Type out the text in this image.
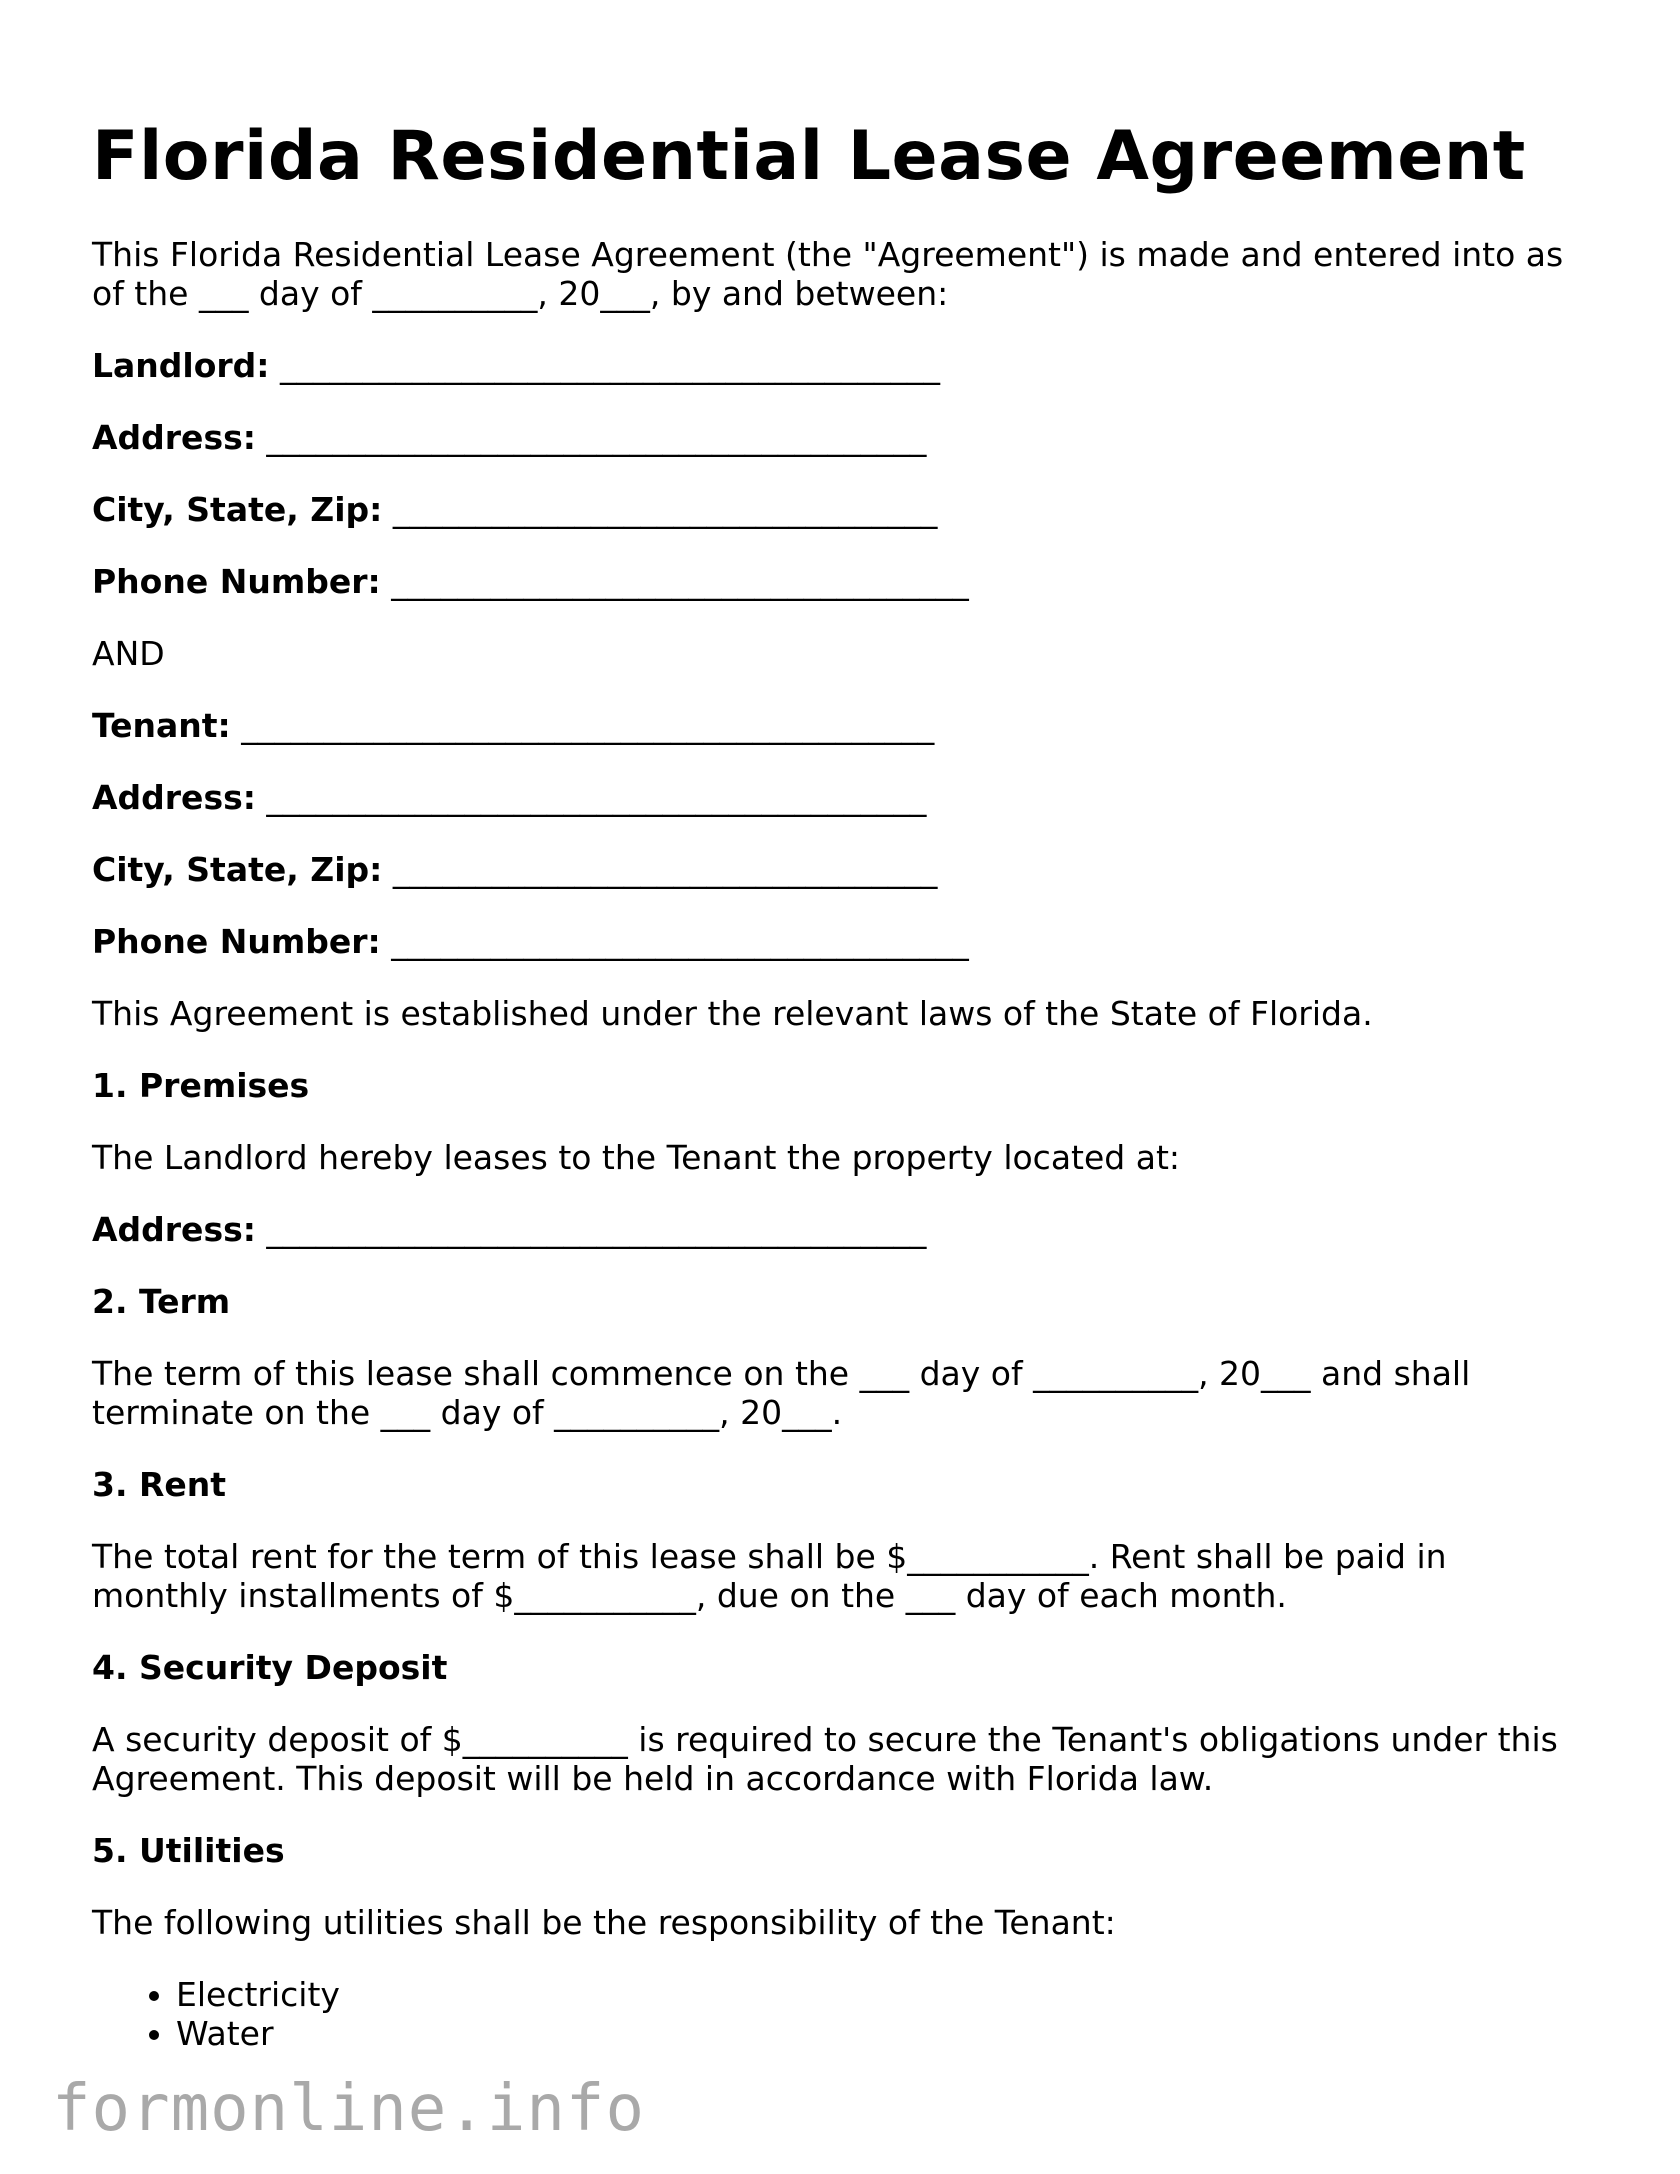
Florida Residential Lease Agreement

This Florida Residential Lease Agreement (the "Agreement") is made and entered into as of the ___ day of __________, 20___, by and between:

Landlord: ________________________________________
Address: ________________________________________
City, State, Zip: _________________________________
Phone Number: ___________________________________

AND

Tenant: __________________________________________
Address: ________________________________________
City, State, Zip: _________________________________
Phone Number: ___________________________________

This Agreement is established under the relevant laws of the State of Florida.

1. Premises

The Landlord hereby leases to the Tenant the property located at:

Address: ________________________________________
2. Term

The term of this lease shall commence on the ___ day of __________, 20___ and shall terminate on the ___ day of __________, 20___.

3. Rent

The total rent for the term of this lease shall be $___________. Rent shall be paid in monthly installments of $___________, due on the ___ day of each month.

4. Security Deposit

A security deposit of $__________ is required to secure the Tenant's obligations under this Agreement. This deposit will be held in accordance with Florida law.

5. Utilities

The following utilities shall be the responsibility of the Tenant:

• Electricity
• Water
formonline.info
